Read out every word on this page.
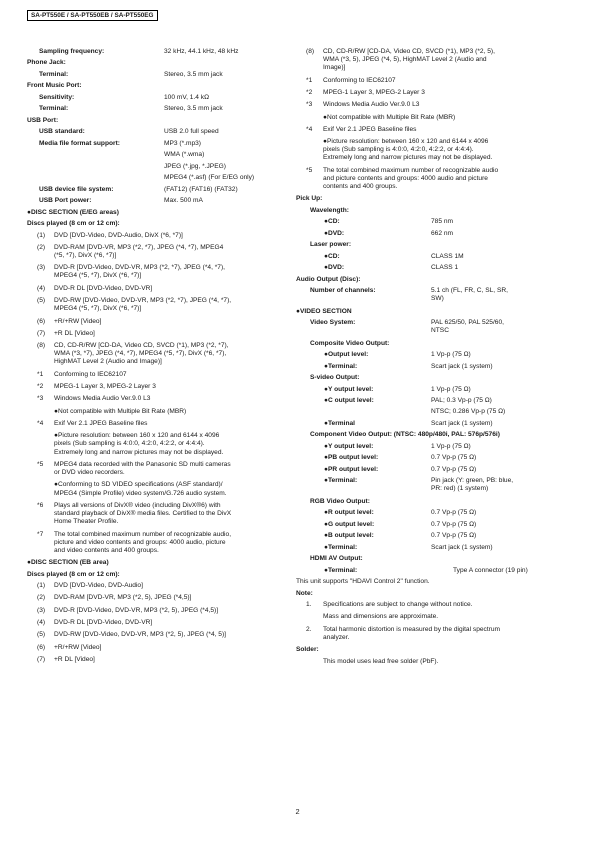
SA-PT550E / SA-PT550EB / SA-PT550EG
Sampling frequency:	32 kHz, 44.1 kHz, 48 kHz
Phone Jack:
Terminal:	Stereo, 3.5 mm jack
Front Music Port:
Sensitivity:	100 mV, 1.4 kΩ
Terminal:	Stereo, 3.5 mm jack
USB Port:
USB standard:	USB 2.0 full speed
Media file format support:	MP3 (*.mp3)
WMA (*.wma)
JPEG (*.jpg, *.JPEG)
MPEG4 (*.asf) (For E/EG only)
USB device file system:	(FAT12) (FAT16) (FAT32)
USB Port power:	Max. 500 mA
●DISC SECTION (E/EG areas)
Discs played (8 cm or 12 cm):
(1) DVD [DVD-Video, DVD-Audio, DivX (*6, *7)]
(2) DVD-RAM [DVD-VR, MP3 (*2, *7), JPEG (*4, *7), MPEG4
(*5, *7), DivX (*6, *7)]
(3) DVD-R [DVD-Video, DVD-VR, MP3 (*2, *7), JPEG (*4, *7),
MPEG4 (*5, *7), DivX (*6, *7)]
(4) DVD-R DL [DVD-Video, DVD-VR]
(5) DVD-RW [DVD-Video, DVD-VR, MP3 (*2, *7), JPEG (*4, *7),
MPEG4 (*5, *7), DivX (*6, *7)]
(6) +R/+RW [Video]
(7) +R DL [Video]
(8) CD, CD-R/RW [CD-DA, Video CD, SVCD (*1), MP3 (*2, *7),
WMA (*3, *7), JPEG (*4, *7), MPEG4 (*5, *7), DivX (*6, *7),
HighMAT Level 2 (Audio and Image)]
*1 Conforming to IEC62107
*2 MPEG-1 Layer 3, MPEG-2 Layer 3
*3 Windows Media Audio Ver.9.0 L3
●Not compatible with Multiple Bit Rate (MBR)
*4 Exif Ver 2.1 JPEG Baseline files
●Picture resolution: between 160 x 120 and 6144 x 4096
pixels (Sub sampling is 4:0:0, 4:2:0, 4:2:2, or 4:4:4).
Extremely long and narrow pictures may not be displayed.
*5 MPEG4 data recorded with the Panasonic SD multi cameras
or DVD video recorders.
●Conforming to SD VIDEO specifications (ASF standard)/
MPEG4 (Simple Profile) video system/G.726 audio system.
*6 Plays all versions of DivX® video (including DivX®6) with
standard playback of DivX® media files. Certified to the DivX
Home Theater Profile.
*7 The total combined maximum number of recognizable audio,
picture and video contents and groups: 4000 audio, picture
and video contents and 400 groups.
●DISC SECTION (EB area)
Discs played (8 cm or 12 cm):
(1) DVD [DVD-Video, DVD-Audio]
(2) DVD-RAM [DVD-VR, MP3 (*2, 5), JPEG (*4,5)]
(3) DVD-R [DVD-Video, DVD-VR, MP3 (*2, 5), JPEG (*4,5)]
(4) DVD-R DL [DVD-Video, DVD-VR]
(5) DVD-RW [DVD-Video, DVD-VR, MP3 (*2, 5), JPEG (*4, 5)]
(6) +R/+RW [Video]
(7) +R DL [Video]
(8) CD, CD-R/RW [CD-DA, Video CD, SVCD (*1), MP3 (*2, 5),
WMA (*3, 5), JPEG (*4, 5), HighMAT Level 2 (Audio and
Image)]
*1 Conforming to IEC62107
*2 MPEG-1 Layer 3, MPEG-2 Layer 3
*3 Windows Media Audio Ver.9.0 L3
●Not compatible with Multiple Bit Rate (MBR)
*4 Exif Ver 2.1 JPEG Baseline files
●Picture resolution: between 160 x 120 and 6144 x 4096
pixels (Sub sampling is 4:0:0, 4:2:0, 4:2:2, or 4:4:4).
Extremely long and narrow pictures may not be displayed.
*5 The total combined maximum number of recognizable audio
and picture contents and groups: 4000 audio and picture
contents and 400 groups.
Pick Up:
Wavelength:
●CD:	785 nm
●DVD:	662 nm
Laser power:
●CD:	CLASS 1M
●DVD:	CLASS 1
Audio Output (Disc):
Number of channels:	5.1 ch (FL, FR, C, SL, SR,
SW)
●VIDEO SECTION
Video System:	PAL 625/50, PAL 525/60,
NTSC
Composite Video Output:
●Output level:	1 Vp-p (75 Ω)
●Terminal:	Scart jack (1 system)
S-video Output:
●Y output level:	1 Vp-p (75 Ω)
●C output level:	PAL; 0.3 Vp-p (75 Ω)
NTSC; 0.286 Vp-p (75 Ω)
●Terminal	Scart jack (1 system)
Component Video Output: (NTSC: 480p/480i, PAL: 576p/576i)
●Y output level:	1 Vp-p (75 Ω)
●PB output level:	0.7 Vp-p (75 Ω)
●PR output level:	0.7 Vp-p (75 Ω)
●Terminal:	Pin jack (Y: green, PB: blue,
PR: red) (1 system)
RGB Video Output:
●R output level:	0.7 Vp-p (75 Ω)
●G output level:	0.7 Vp-p (75 Ω)
●B output level:	0.7 Vp-p (75 Ω)
●Terminal:	Scart jack (1 system)
HDMI AV Output:
●Terminal:	Type A connector (19 pin)
This unit supports "HDAVI Control 2" function.
Note:
1. Specifications are subject to change without notice.
Mass and dimensions are approximate.
2. Total harmonic distortion is measured by the digital spectrum
analyzer.
Solder:
This model uses lead free solder (PbF).
2
